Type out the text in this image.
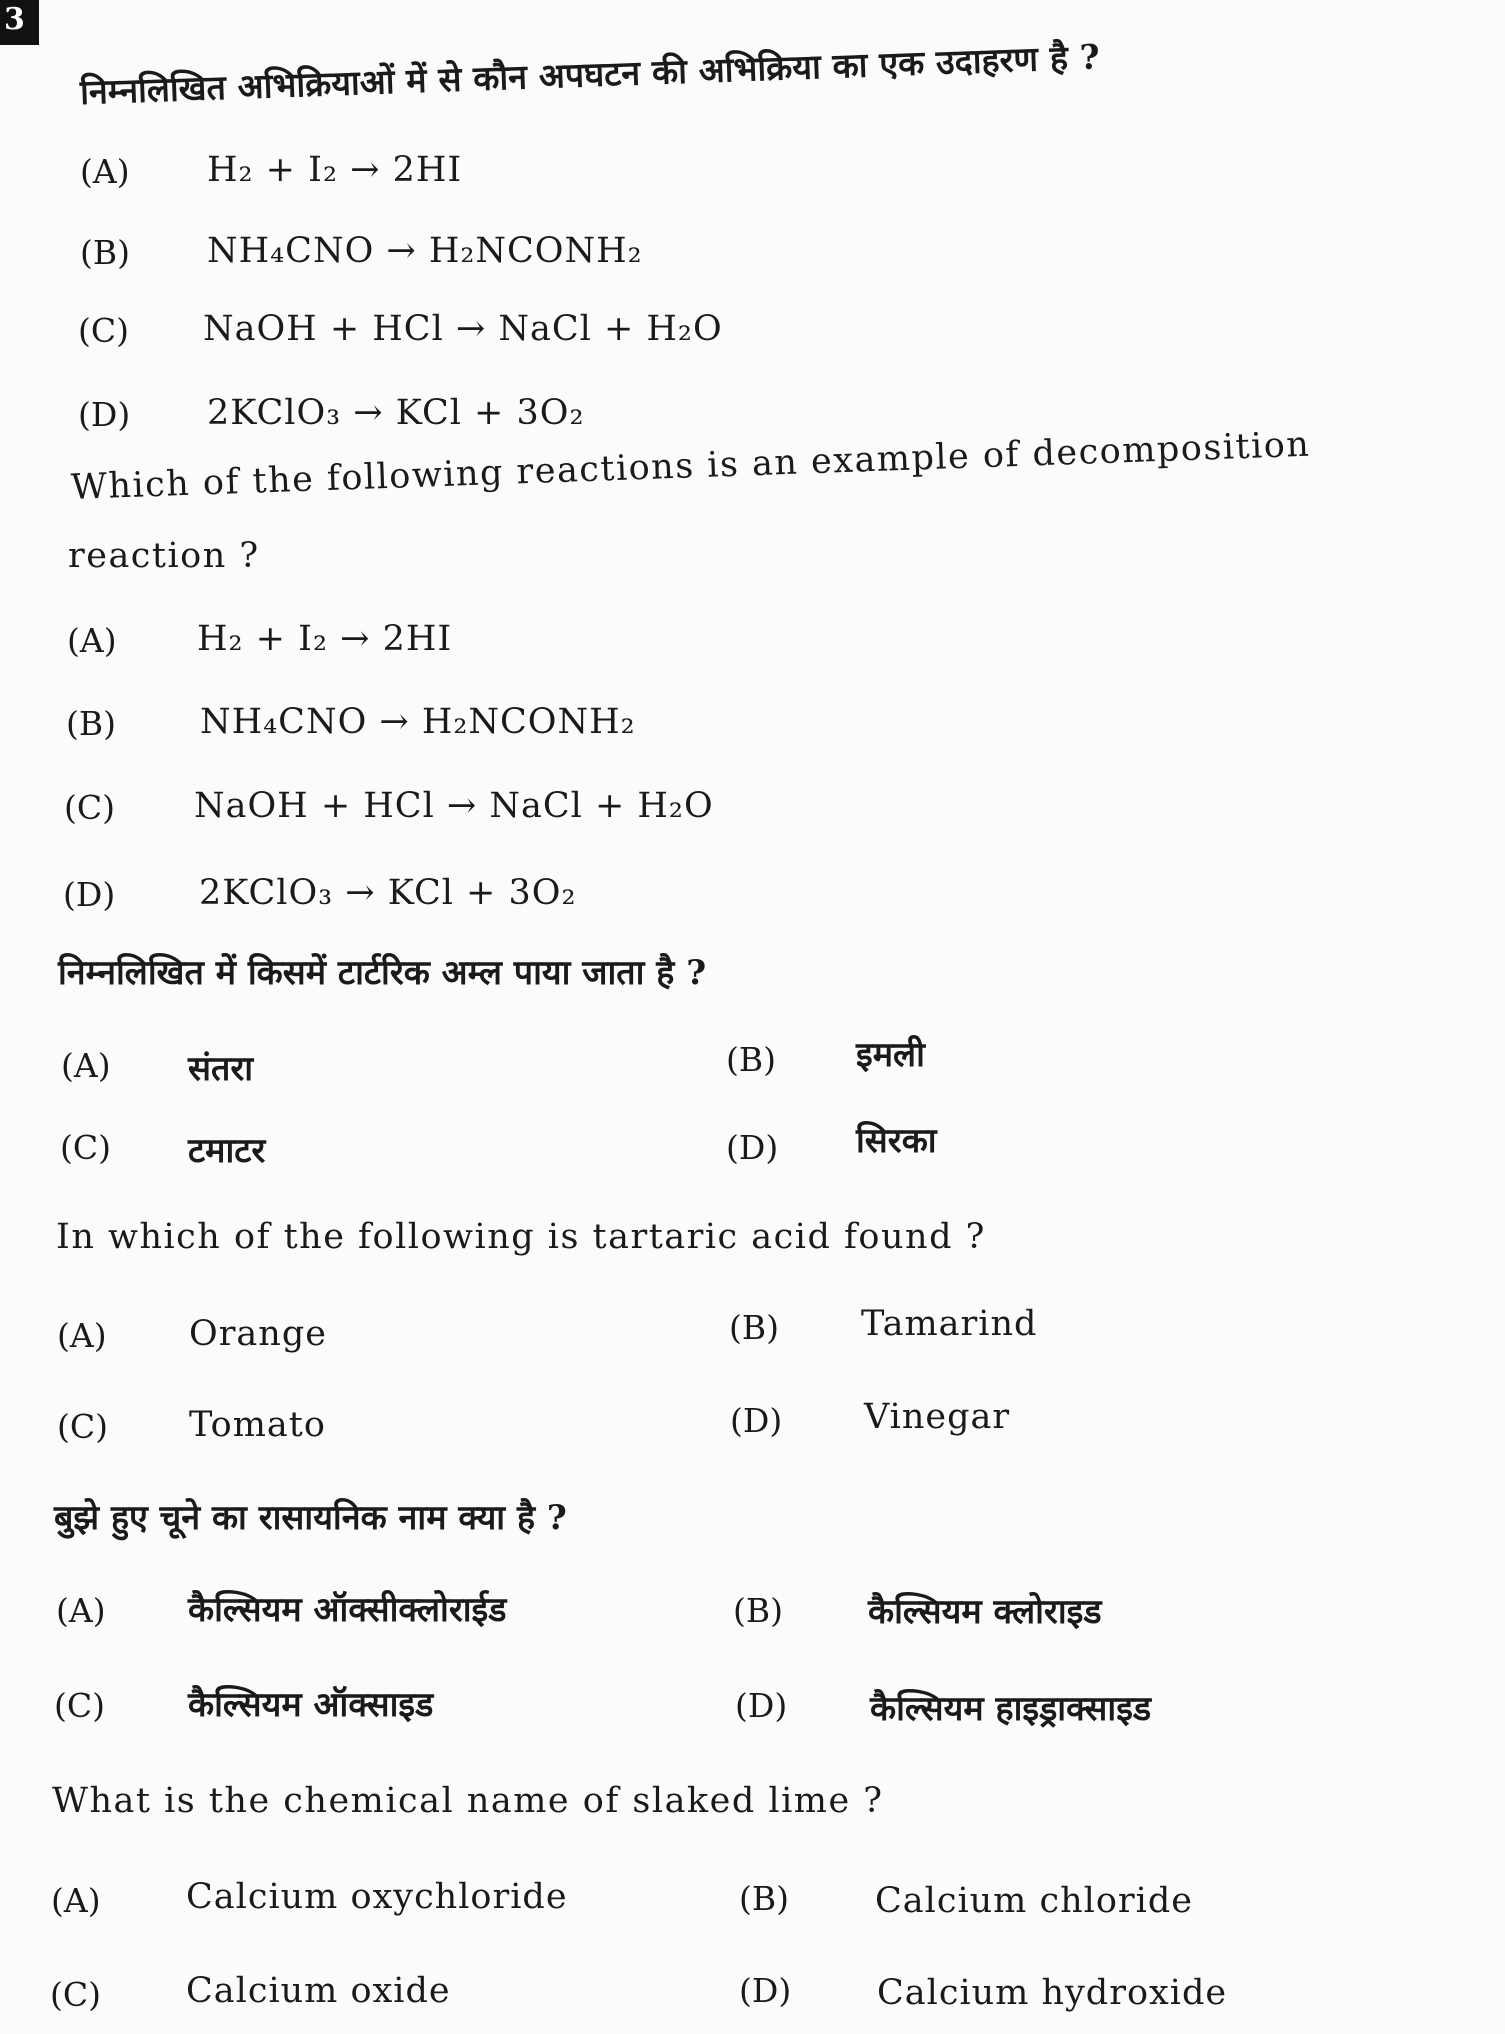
3
निम्नलिखित अभिक्रियाओं में से कौन अपघटन की अभिक्रिया का एक उदाहरण है ?
(A) H₂ + I₂ → 2HI
(B) NH₄CNO → H₂NCONH₂
(C) NaOH + HCl → NaCl + H₂O
(D) 2KClO₃ → KCl + 3O₂
Which of the following reactions is an example of decomposition
reaction ?
(A) H₂ + I₂ → 2HI
(B) NH₄CNO → H₂NCONH₂
(C) NaOH + HCl → NaCl + H₂O
(D) 2KClO₃ → KCl + 3O₂
निम्नलिखित में किसमें टार्टरिक अम्ल पाया जाता है ?
(A) संतरा	(B) इमली
(C) टमाटर	(D) सिरका
In which of the following is tartaric acid found ?
(A) Orange	(B) Tamarind
(C) Tomato	(D) Vinegar
बुझे हुए चूने का रासायनिक नाम क्या है ?
(A) कैल्सियम ऑक्सीक्लोराईड	(B)	कैल्सियम क्लोराइड
(C) कैल्सियम ऑक्साइड	(D) कैल्सियम हाइड्राक्साइड
What is the chemical name of slaked lime ?
(A) Calcium oxychloride	(B) Calcium chloride
(C) Calcium oxide	(D) Calcium hydroxide
